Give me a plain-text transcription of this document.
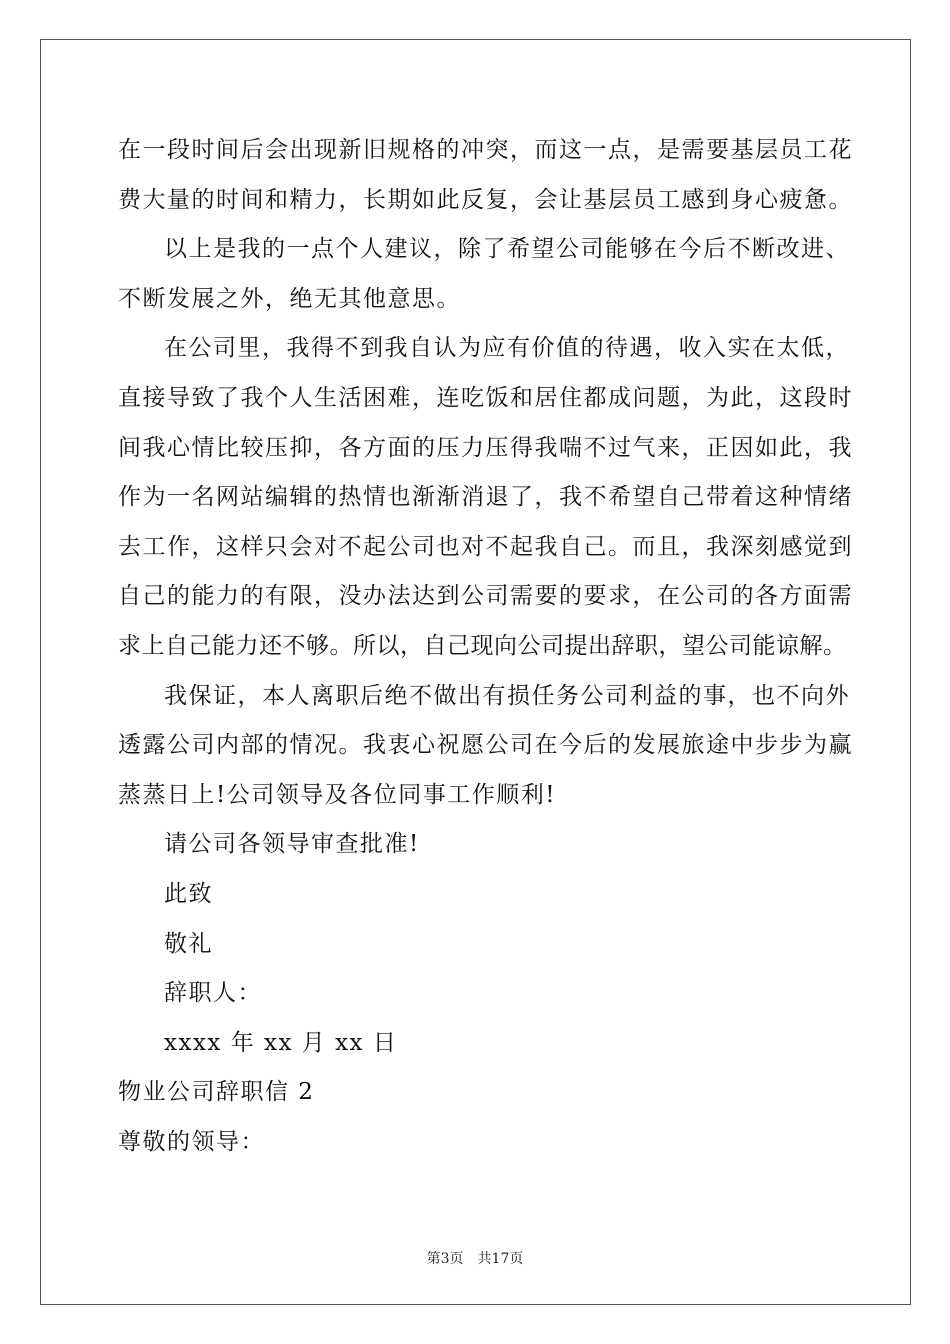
在一段时间后会出现新旧规格的冲突，而这一点，是需要基层员工花
费大量的时间和精力，长期如此反复，会让基层员工感到身心疲惫。
以上是我的一点个人建议，除了希望公司能够在今后不断改进、
不断发展之外，绝无其他意思。
在公司里，我得不到我自认为应有价值的待遇，收入实在太低，
直接导致了我个人生活困难，连吃饭和居住都成问题，为此，这段时
间我心情比较压抑，各方面的压力压得我喘不过气来，正因如此，我
作为一名网站编辑的热情也渐渐消退了，我不希望自己带着这种情绪
去工作，这样只会对不起公司也对不起我自己。而且，我深刻感觉到
自己的能力的有限，没办法达到公司需要的要求，在公司的各方面需
求上自己能力还不够。所以，自己现向公司提出辞职，望公司能谅解。
我保证，本人离职后绝不做出有损任务公司利益的事，也不向外
透露公司内部的情况。我衷心祝愿公司在今后的发展旅途中步步为赢
蒸蒸日上!公司领导及各位同事工作顺利!
请公司各领导审查批准!
此致
敬礼
辞职人：
xxxx 年 xx 月 xx 日
物业公司辞职信 2
尊敬的领导：
第3页 共17页
